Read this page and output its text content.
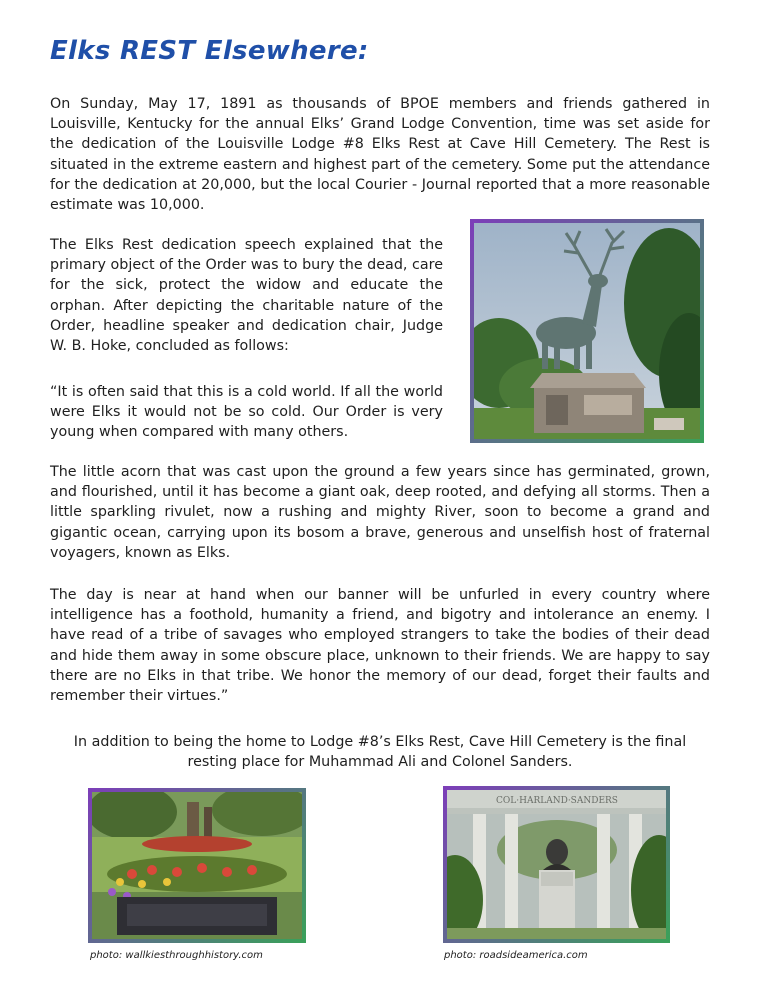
Elks REST Elsewhere:

On Sunday, May 17, 1891 as thousands of BPOE members and friends gathered in Louisville, Kentucky for the annual Elks’ Grand Lodge Convention, time was set aside for the dedication of the Louisville Lodge #8 Elks Rest at Cave Hill Cemetery. The Rest is situated in the extreme eastern and highest part of the cemetery. Some put the attendance for the dedication at 20,000, but the local Courier - Journal reported that a more reasonable estimate was 10,000.

The Elks Rest dedication speech explained that the primary object of the Order was to bury the dead, care for the sick, protect the widow and educate the orphan. After depicting the charitable nature of the Order, headline speaker and dedication chair, Judge W. B. Hoke, concluded as follows:

“It is often said that this is a cold world. If all the world were Elks it would not be so cold. Our Order is very young when compared with many others.

The little acorn that was cast upon the ground a few years since has germinated, grown, and flourished, until it has become a giant oak, deep rooted, and defying all storms. Then a little sparkling rivulet, now a rushing and mighty River, soon to become a grand and gigantic ocean, carrying upon its bosom a brave, generous and unselfish host of fraternal voyagers, known as Elks.

The day is near at hand when our banner will be unfurled in every country where intelligence has a foothold, humanity a friend, and bigotry and intolerance an enemy. I have read of a tribe of savages who employed strangers to take the bodies of their dead and hide them away in some obscure place, unknown to their friends. We are happy to say there are no Elks in that tribe. We honor the memory of our dead, forget their faults and remember their virtues.”

In addition to being the home to Lodge #8’s Elks Rest, Cave Hill Cemetery is the final resting place for Muhammad Ali and Colonel Sanders.

COL·HARLAND·SANDERS

photo: wallkiesthroughhistory.com	photo: roadsideamerica.com
